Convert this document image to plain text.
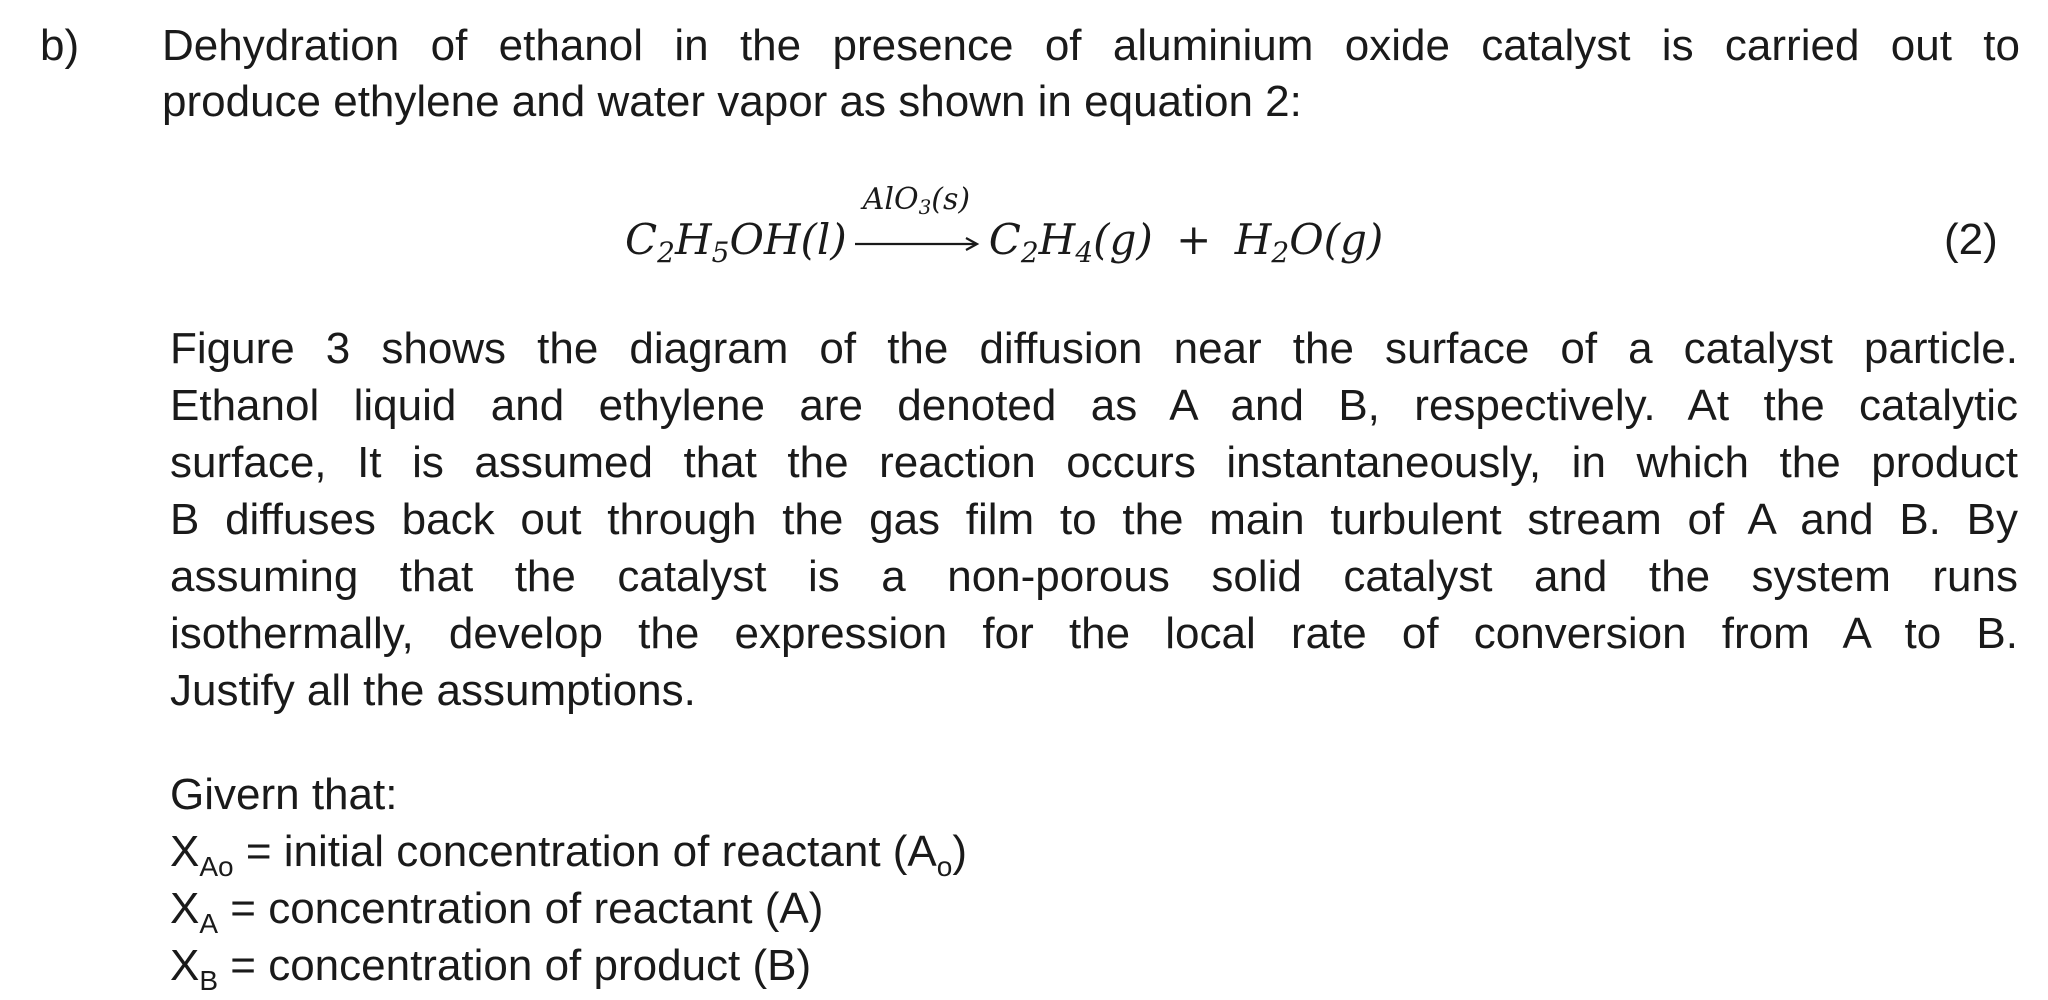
b) Dehydration of ethanol in the presence of aluminium oxide catalyst is carried out to
produce ethylene and water vapor as shown in equation 2:
$C_2H_5OH(l)$
AlO$_3$(s)
$C_2H_4(g) + H_2O(g)$	(2)
Figure 3 shows the diagram of the diffusion near the surface of a catalyst particle.
Ethanol liquid and ethylene are denoted as A and B, respectively. At the catalytic
surface, It is assumed that the reaction occurs instantaneously, in which the product
B diffuses back out through the gas film to the main turbulent stream of A and B. By
assuming that the catalyst is a non-porous solid catalyst and the system runs
isothermally, develop the expression for the local rate of conversion from A to B.
Justify all the assumptions.
Givern that:
$X_{Ao}$ = initial concentration of reactant $(A_o)$
$X_A$ = concentration of reactant (A)
$X_B$ = concentration of product (B)
